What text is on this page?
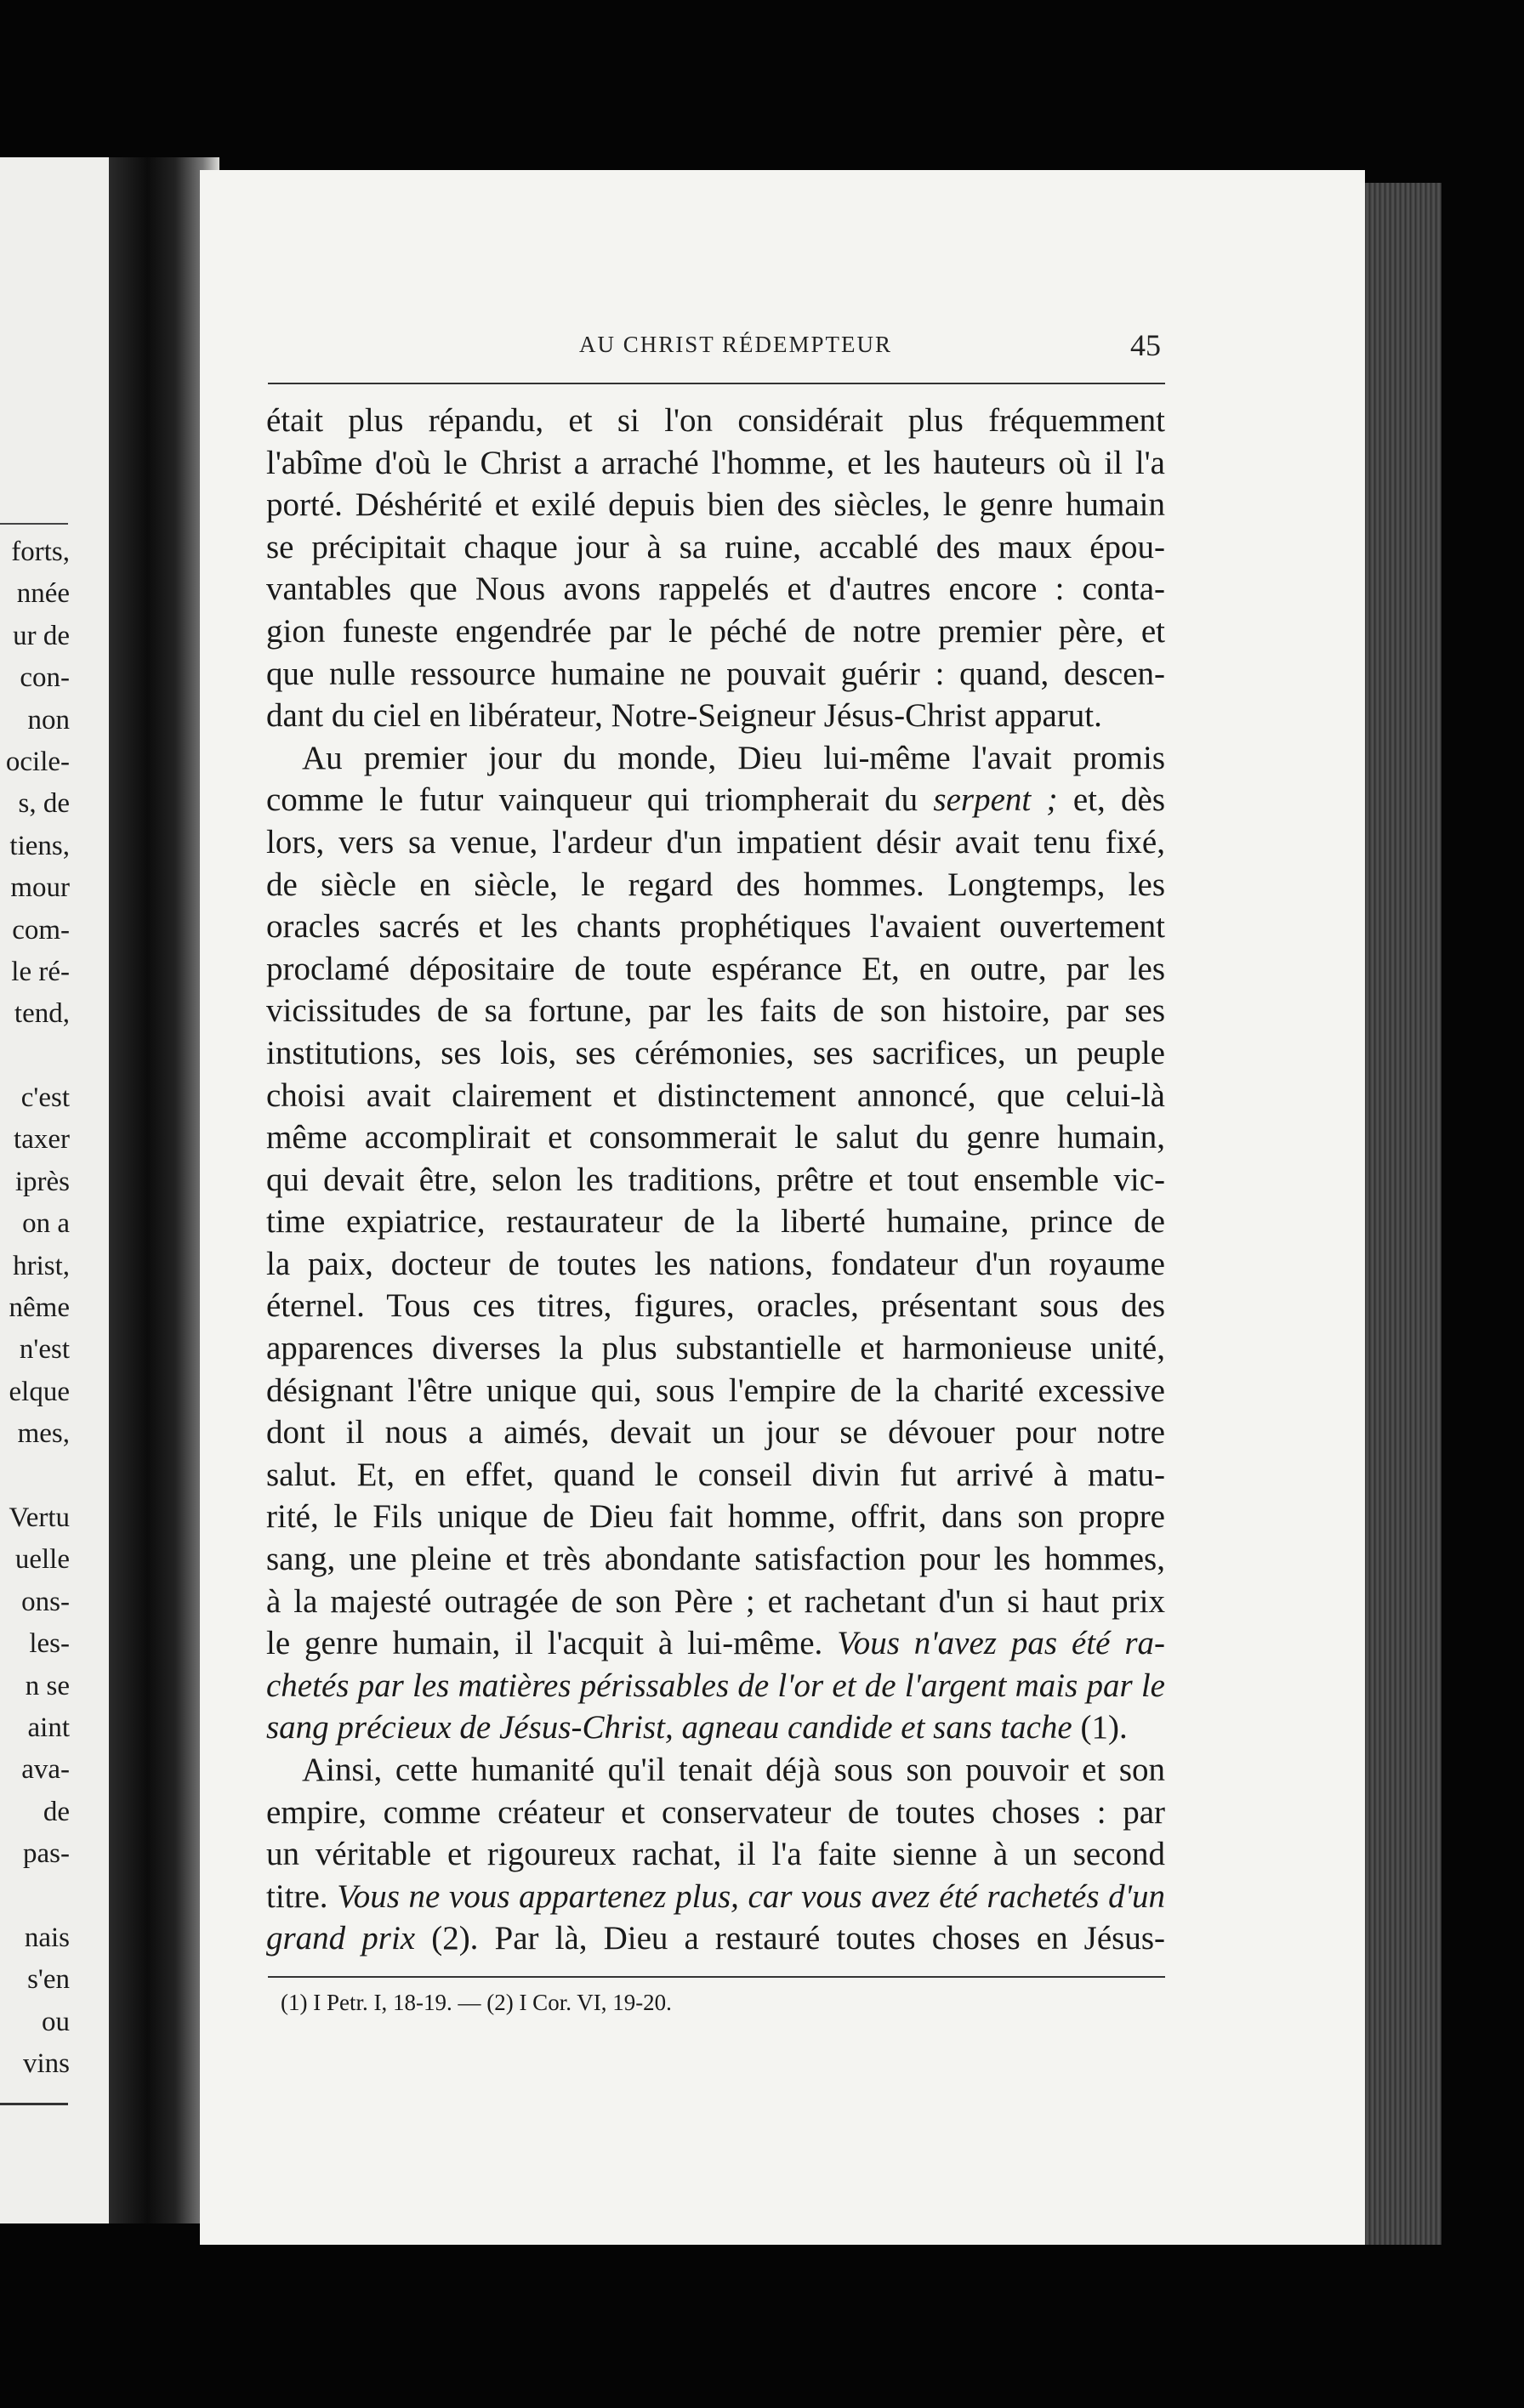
forts,
nnée
ur de
con-
non
ocile-
s, de
tiens,
mour
com-
le ré-
tend,
c'est
taxer
iprès
on a
hrist,
nême
n'est
elque
mes,
Vertu
uelle
ons-
les-
n se
aint
ava-
de
pas-
nais
s'en
ou
vins
AU CHRIST RÉDEMPTEUR	45
était plus répandu, et si l'on considérait plus fréquemment
l'abîme d'où le Christ a arraché l'homme, et les hauteurs où il l'a
porté. Déshérité et exilé depuis bien des siècles, le genre humain
se précipitait chaque jour à sa ruine, accablé des maux épou-
vantables que Nous avons rappelés et d'autres encore : conta-
gion funeste engendrée par le péché de notre premier père, et
que nulle ressource humaine ne pouvait guérir : quand, descen-
dant du ciel en libérateur, Notre-Seigneur Jésus-Christ apparut.
Au premier jour du monde, Dieu lui-même l'avait promis
comme le futur vainqueur qui triompherait du serpent ; et, dès
lors, vers sa venue, l'ardeur d'un impatient désir avait tenu fixé,
de siècle en siècle, le regard des hommes. Longtemps, les
oracles sacrés et les chants prophétiques l'avaient ouvertement
proclamé dépositaire de toute espérance Et, en outre, par les
vicissitudes de sa fortune, par les faits de son histoire, par ses
institutions, ses lois, ses cérémonies, ses sacrifices, un peuple
choisi avait clairement et distinctement annoncé, que celui-là
même accomplirait et consommerait le salut du genre humain,
qui devait être, selon les traditions, prêtre et tout ensemble vic-
time expiatrice, restaurateur de la liberté humaine, prince de
la paix, docteur de toutes les nations, fondateur d'un royaume
éternel. Tous ces titres, figures, oracles, présentant sous des
apparences diverses la plus substantielle et harmonieuse unité,
désignant l'être unique qui, sous l'empire de la charité excessive
dont il nous a aimés, devait un jour se dévouer pour notre
salut. Et, en effet, quand le conseil divin fut arrivé à matu-
rité, le Fils unique de Dieu fait homme, offrit, dans son propre
sang, une pleine et très abondante satisfaction pour les hommes,
à la majesté outragée de son Père ; et rachetant d'un si haut prix
le genre humain, il l'acquit à lui-même. Vous n'avez pas été ra-
chetés par les matières périssables de l'or et de l'argent mais par le
sang précieux de Jésus-Christ, agneau candide et sans tache (1).
Ainsi, cette humanité qu'il tenait déjà sous son pouvoir et son
empire, comme créateur et conservateur de toutes choses : par
un véritable et rigoureux rachat, il l'a faite sienne à un second
titre. Vous ne vous appartenez plus, car vous avez été rachetés d'un
grand prix (2). Par là, Dieu a restauré toutes choses en Jésus-
(1) I Petr. I, 18-19. — (2) I Cor. VI, 19-20.
